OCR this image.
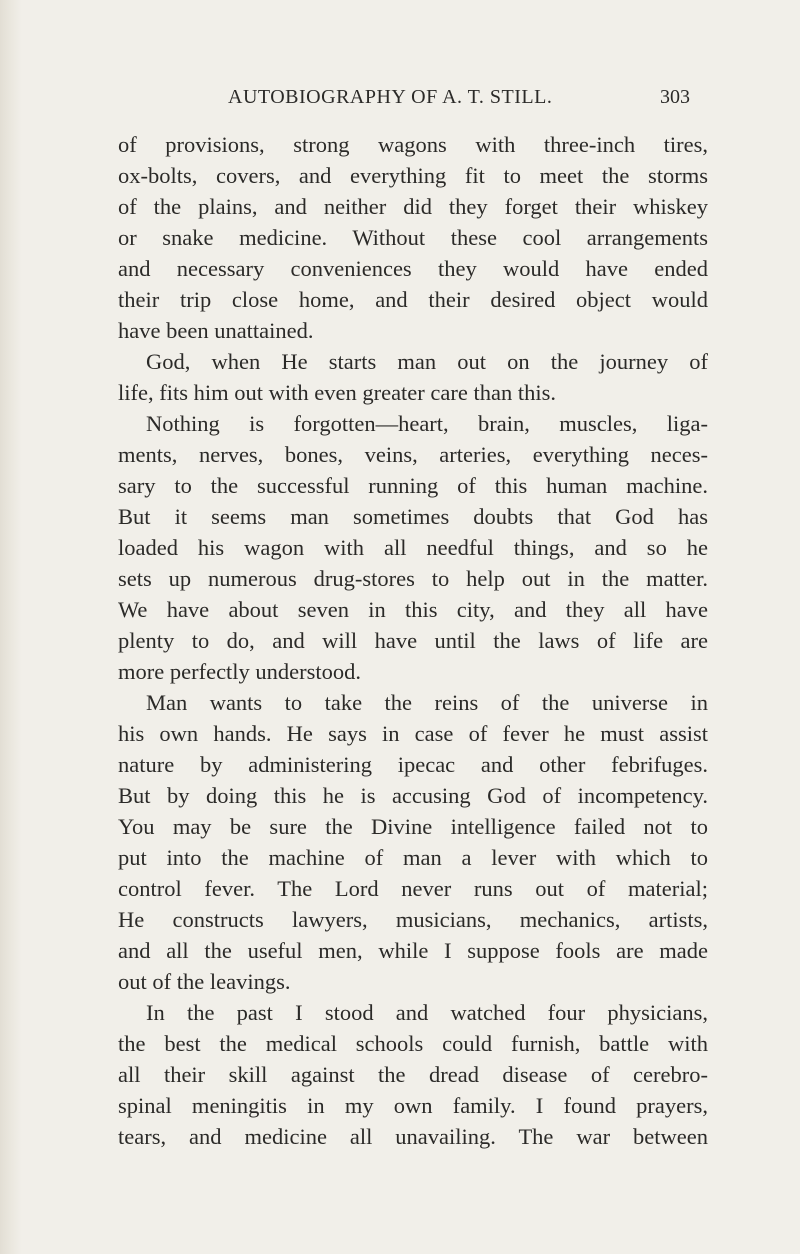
AUTOBIOGRAPHY OF A. T. STILL.	303
of provisions, strong wagons with three-inch tires,
ox-bolts, covers, and everything fit to meet the storms
of the plains, and neither did they forget their whiskey
or snake medicine. Without these cool arrangements
and necessary conveniences they would have ended
their trip close home, and their desired object would
have been unattained.
God, when He starts man out on the journey of
life, fits him out with even greater care than this.
Nothing is forgotten—heart, brain, muscles, liga-
ments, nerves, bones, veins, arteries, everything neces-
sary to the successful running of this human machine.
But it seems man sometimes doubts that God has
loaded his wagon with all needful things, and so he
sets up numerous drug-stores to help out in the matter.
We have about seven in this city, and they all have
plenty to do, and will have until the laws of life are
more perfectly understood.
Man wants to take the reins of the universe in
his own hands. He says in case of fever he must assist
nature by administering ipecac and other febrifuges.
But by doing this he is accusing God of incompetency.
You may be sure the Divine intelligence failed not to
put into the machine of man a lever with which to
control fever. The Lord never runs out of material;
He constructs lawyers, musicians, mechanics, artists,
and all the useful men, while I suppose fools are made
out of the leavings.
In the past I stood and watched four physicians,
the best the medical schools could furnish, battle with
all their skill against the dread disease of cerebro-
spinal meningitis in my own family. I found prayers,
tears, and medicine all unavailing. The war between
